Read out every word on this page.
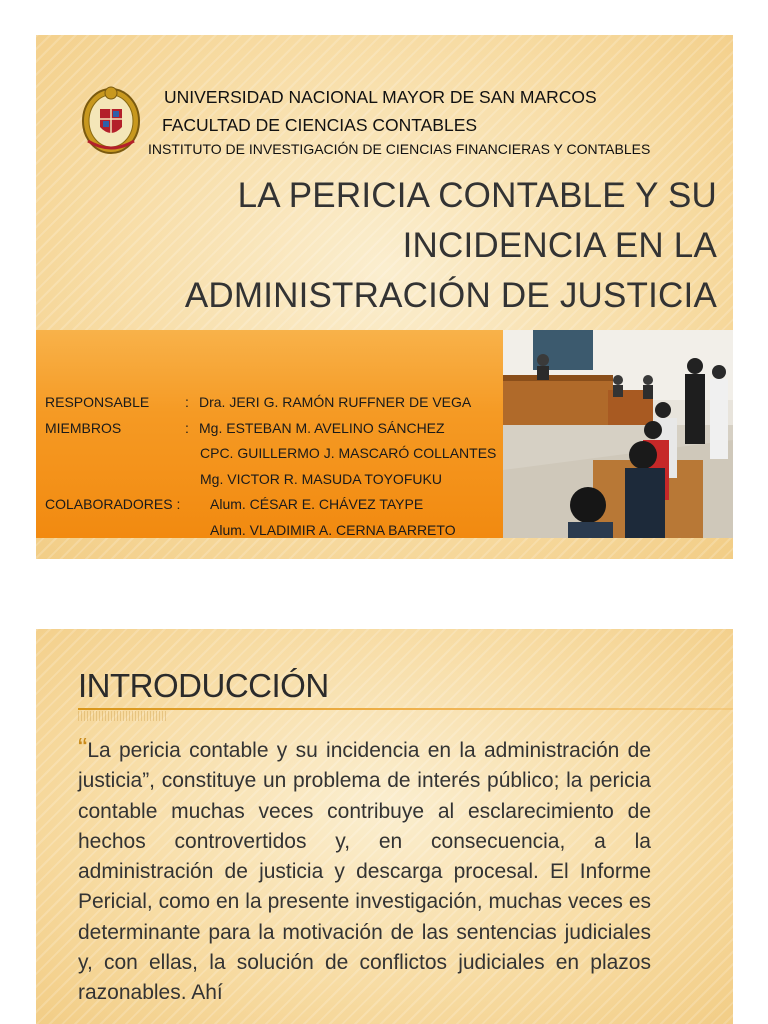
UNIVERSIDAD NACIONAL MAYOR DE SAN MARCOS
FACULTAD DE CIENCIAS CONTABLES
INSTITUTO DE INVESTIGACIÓN DE CIENCIAS FINANCIERAS Y CONTABLES
LA PERICIA CONTABLE Y SU INCIDENCIA EN LA ADMINISTRACIÓN DE JUSTICIA
RESPONSABLE	: Dra. JERI G. RAMÓN RUFFNER DE VEGA
MIEMBROS	: Mg. ESTEBAN M. AVELINO SÁNCHEZ
CPC. GUILLERMO J. MASCARÓ COLLANTES
Mg. VICTOR R. MASUDA TOYOFUKU
COLABORADORES : Alum. CÉSAR E. CHÁVEZ TAYPE
Alum. VLADIMIR A. CERNA BARRETO
INTRODUCCIÓN

“La pericia contable y su incidencia en la administración de justicia”, constituye un problema de interés público; la pericia contable muchas veces contribuye al esclarecimiento de hechos controvertidos y, en consecuencia, a la administración de justicia y descarga procesal. El Informe Pericial, como en la presente investigación, muchas veces es determinante para la motivación de las sentencias judiciales y, con ellas, la solución de conflictos judiciales en plazos razonables. Ahí
